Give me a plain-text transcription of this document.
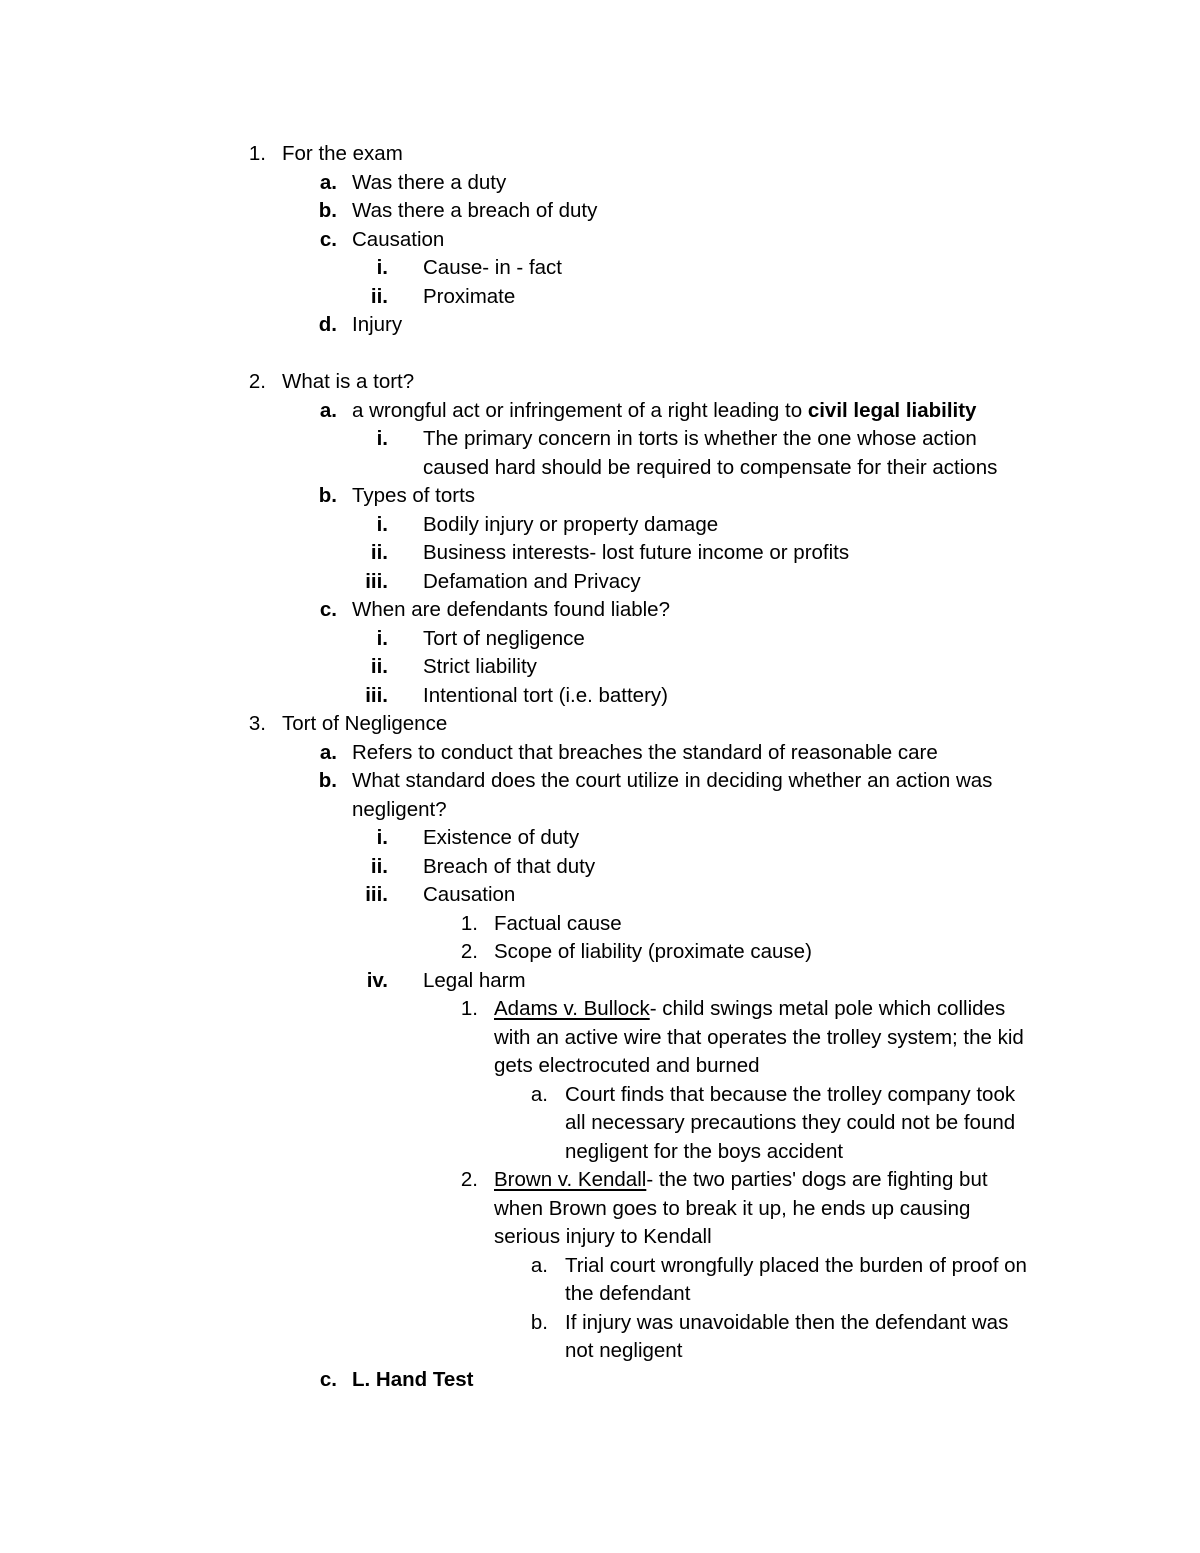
1. For the exam
a. Was there a duty
b. Was there a breach of duty
c. Causation
i. Cause- in - fact
ii. Proximate
d. Injury
2. What is a tort?
a. a wrongful act or infringement of a right leading to civil legal liability
i. The primary concern in torts is whether the one whose action
caused hard should be required to compensate for their actions
b. Types of torts
i. Bodily injury or property damage
ii. Business interests- lost future income or profits
iii. Defamation and Privacy
c. When are defendants found liable?
i. Tort of negligence
ii. Strict liability
iii. Intentional tort (i.e. battery)
3. Tort of Negligence
a. Refers to conduct that breaches the standard of reasonable care
b. What standard does the court utilize in deciding whether an action was
negligent?
i. Existence of duty
ii. Breach of that duty
iii. Causation
1. Factual cause
2. Scope of liability (proximate cause)
iv. Legal harm
1. Adams v. Bullock- child swings metal pole which collides
with an active wire that operates the trolley system; the kid
gets electrocuted and burned
a. Court finds that because the trolley company took
all necessary precautions they could not be found
negligent for the boys accident
2. Brown v. Kendall- the two parties' dogs are fighting but
when Brown goes to break it up, he ends up causing
serious injury to Kendall
a. Trial court wrongfully placed the burden of proof on
the defendant
b. If injury was unavoidable then the defendant was
not negligent
c. L. Hand Test
